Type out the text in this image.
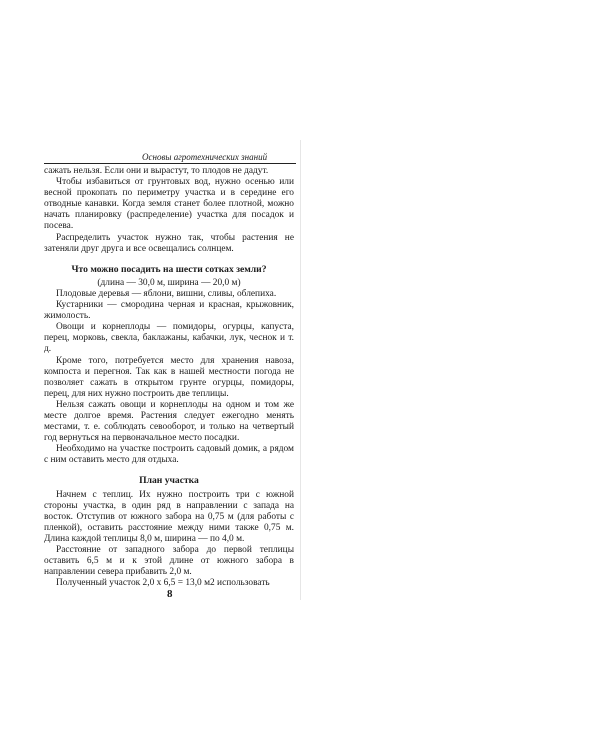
Основы агротехнических знаний

сажать нельзя. Если они и вырастут, то плодов не дадут.

Чтобы избавиться от грунтовых вод, нужно осенью или весной прокопать по периметру участка и в середине его отводные канавки. Когда земля станет более плотной, можно начать планировку (распределение) участка для посадок и посева.

Распределить участок нужно так, чтобы растения не затеняли друг друга и все освещались солнцем.

Что можно посадить на шести сотках земли?

(длина — 30,0 м, ширина — 20,0 м)

Плодовые деревья — яблони, вишни, сливы, облепиха.

Кустарники — смородина черная и красная, крыжовник, жимолость.

Овощи и корнеплоды — помидоры, огурцы, капуста, перец, морковь, свекла, баклажаны, кабачки, лук, чеснок и т. д.

Кроме того, потребуется место для хранения навоза, компоста и перегноя. Так как в нашей местности погода не позволяет сажать в открытом грунте огурцы, помидоры, перец, для них нужно построить две теплицы.

Нельзя сажать овощи и корнеплоды на одном и том же месте долгое время. Растения следует ежегодно менять местами, т. е. соблюдать севооборот, и только на четвертый год вернуться на первоначальное место посадки.

Необходимо на участке построить садовый домик, а рядом с ним оставить место для отдыха.

План участка

Начнем с теплиц. Их нужно построить три с южной стороны участка, в один ряд в направлении с запада на восток. Отступив от южного забора на 0,75 м (для работы с пленкой), оставить расстояние между ними также 0,75 м. Длина каждой теплицы 8,0 м, ширина — по 4,0 м.

Расстояние от западного забора до первой теплицы оставить 6,5 м и к этой длине от южного забора в направлении севера прибавить 2,0 м.

Полученный участок 2,0 х 6,5 = 13,0 м2 использовать

8
